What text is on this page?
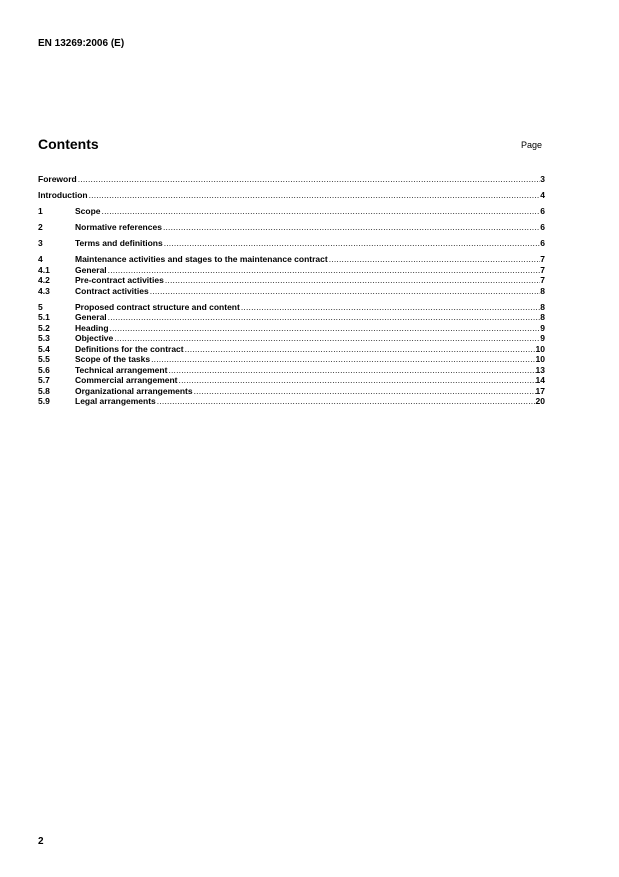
EN 13269:2006 (E)
Contents	Page
Foreword .....	3
Introduction .....	4
1	Scope .....	6
2	Normative references .....	6
3	Terms and definitions .....	6
4	Maintenance activities and stages to the maintenance contract .....	7
4.1	General .....	7
4.2	Pre-contract activities .....	7
4.3	Contract activities .....	8
5	Proposed contract structure and content .....	8
5.1	General .....	8
5.2	Heading .....	9
5.3	Objective .....	9
5.4	Definitions for the contract .....	10
5.5	Scope of the tasks .....	10
5.6	Technical arrangement .....	13
5.7	Commercial arrangement .....	14
5.8	Organizational arrangements .....	17
5.9	Legal arrangements .....	20
2
